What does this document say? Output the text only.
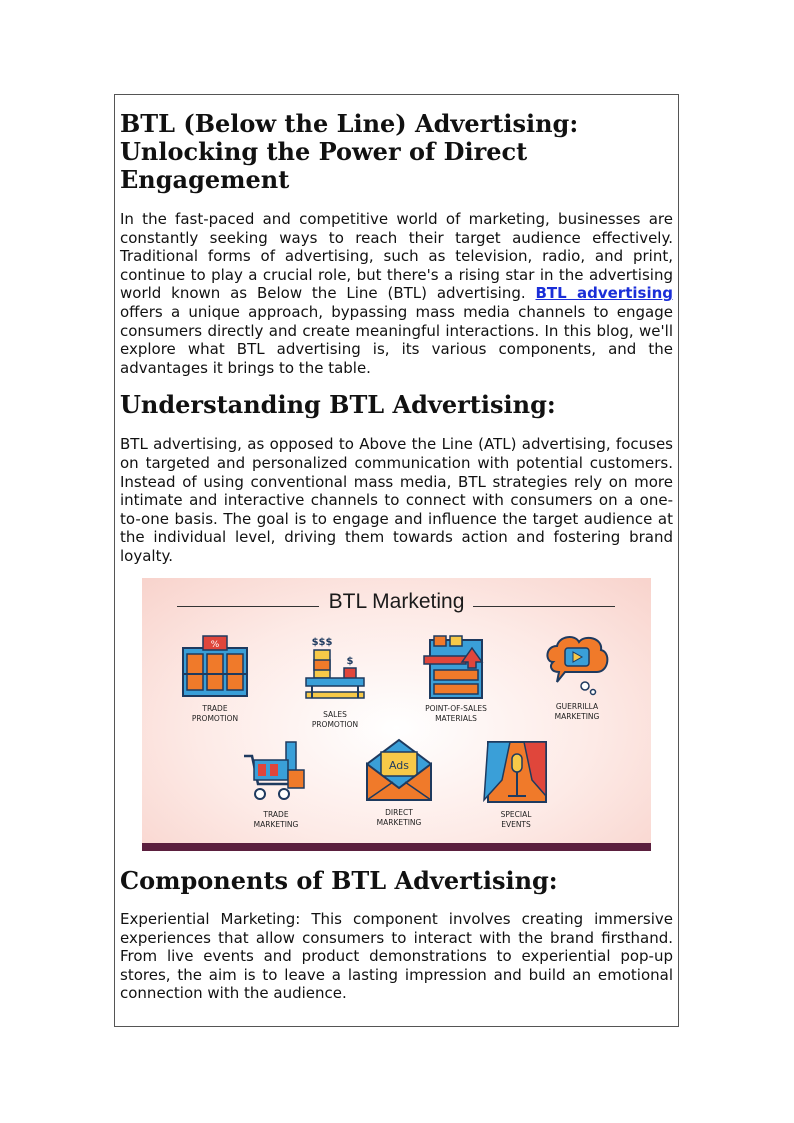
BTL (Below the Line) Advertising: Unlocking the Power of Direct Engagement

In the fast-paced and competitive world of marketing, businesses are constantly seeking ways to reach their target audience effectively. Traditional forms of advertising, such as television, radio, and print, continue to play a crucial role, but there's a rising star in the advertising world known as Below the Line (BTL) advertising. BTL advertising offers a unique approach, bypassing mass media channels to engage consumers directly and create meaningful interactions. In this blog, we'll explore what BTL advertising is, its various components, and the advantages it brings to the table.

Understanding BTL Advertising:

BTL advertising, as opposed to Above the Line (ATL) advertising, focuses on targeted and personalized communication with potential customers. Instead of using conventional mass media, BTL strategies rely on more intimate and interactive channels to connect with consumers on a one-to-one basis. The goal is to engage and influence the target audience at the individual level, driving them towards action and fostering brand loyalty.

BTL Marketing
%
TRADE
PROMOTION
$$$
$
SALES
PROMOTION
POINT-OF-SALES
MATERIALS
GUERRILLA
MARKETING
TRADE
MARKETING
Ads
DIRECT
MARKETING
SPECIAL
EVENTS
Components of BTL Advertising:

Experiential Marketing: This component involves creating immersive experiences that allow consumers to interact with the brand firsthand. From live events and product demonstrations to experiential pop-up stores, the aim is to leave a lasting impression and build an emotional connection with the audience.
